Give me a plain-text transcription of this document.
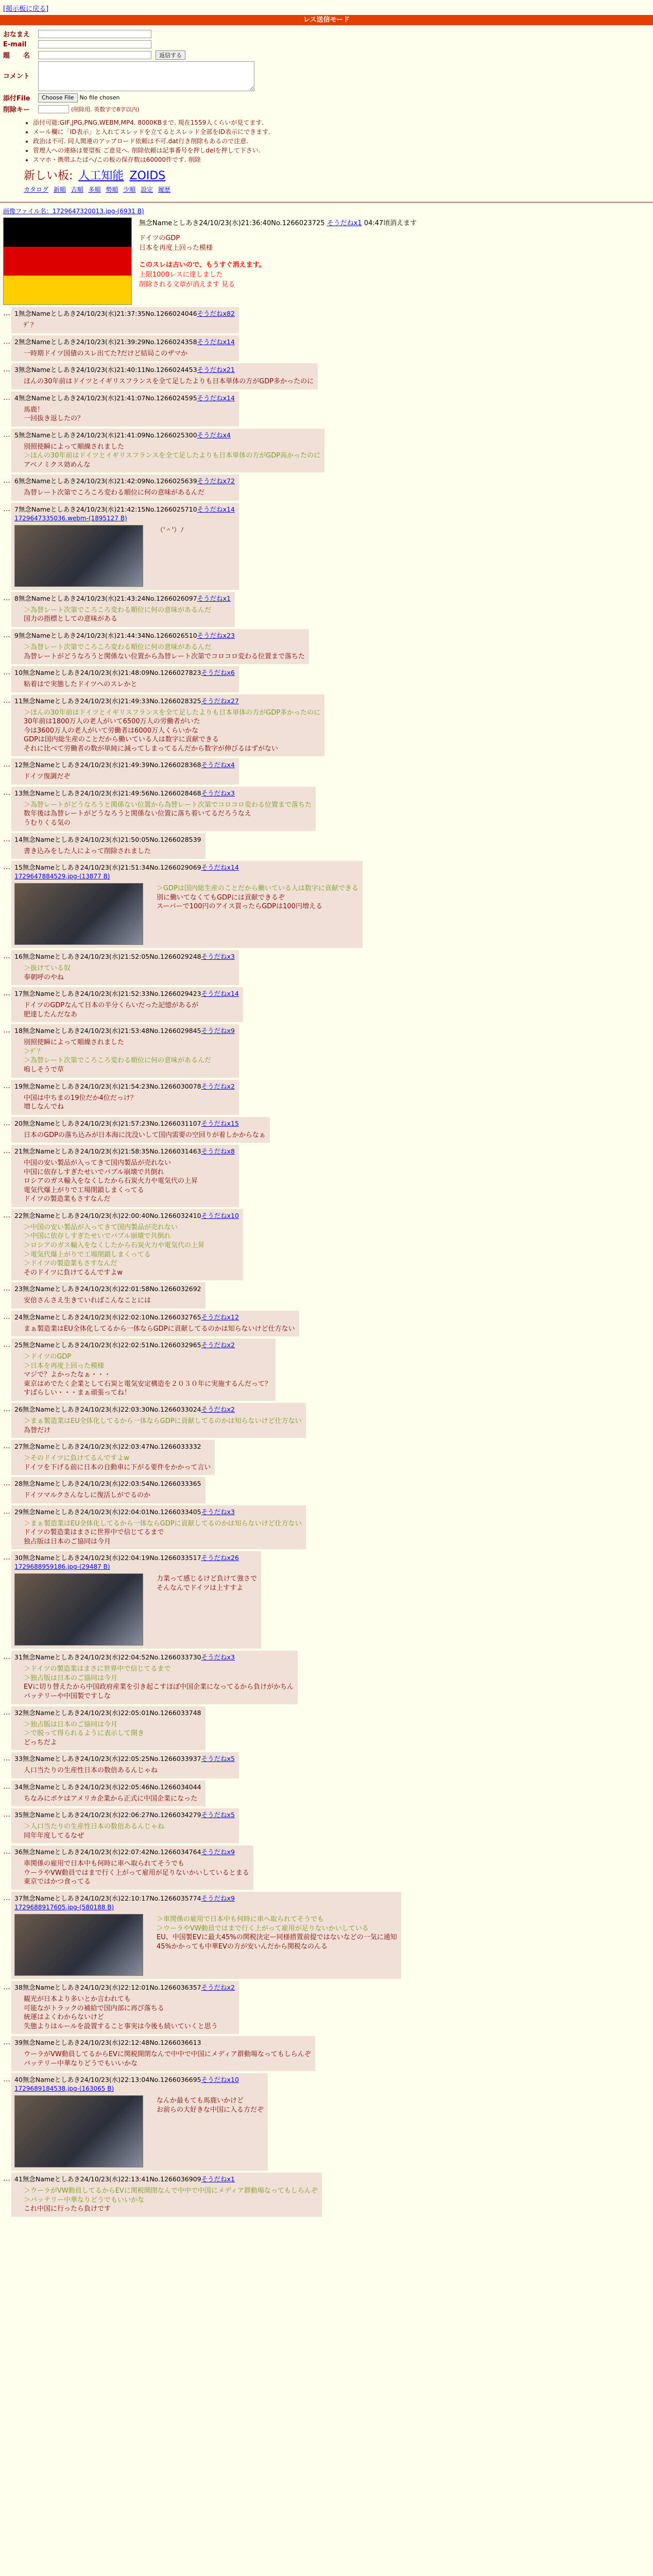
[掲示板に戻る]
レス送信モード
おなまえ
E-mail
題　　名	返信する
コメント
添付File	Choose File	No file chosen
削除キー	(削除用. 英数字で8字以内)
• 添付可能:GIF,JPG,PNG,WEBM,MP4. 8000KBまで. 現在1559人くらいが見てます.
• メール欄に「ID表示」と入れてスレッドを立てるとスレッド全部をID表示にできます.
• 政治は不可. 同人関連のアップロード依頼は不可.dat行き削除もあるので注意.
• 管理人への連絡は要望板 ご意見へ. 削除依頼は記事番号を押しdelを押して下さい.
• スマホ・携帯ふたばへ/この板の保存数は60000件です. 削除
新しい板: 人工知能 ZOIDS
カタログ 新順 古順 多順 勢順 少順 設定 履歴
画像ファイル名：1729647320013.jpg-(6931 B)
無念Nameとしあき24/10/23(水)21:36:40No.1266023725 そうだねx1 04:47頃消えます
ドイツのGDP
日本を再度上回った模様
このスレは古いので、もうすぐ消えます。
上限1000レスに達しました
削除される文章が消えます 見る
… 1無念Nameとしあき24/10/23(水)21:37:35No.1266024046そうだねx82
ﾃﾞ？
… 2無念Nameとしあき24/10/23(水)21:39:29No.1266024358そうだねx14
一時期ドイツ国債のスレ出てた?だけど結局このザマか
… 3無念Nameとしあき24/10/23(水)21:40:11No.1266024453そうだねx21
ほんの30年前はドイツとイギリスフランスを全て足したよりも日本単体の方がGDP多かったのに
… 4無念Nameとしあき24/10/23(水)21:41:07No.1266024595そうだねx14
馬鹿！
一回抜き返したの？
… 5無念Nameとしあき24/10/23(水)21:41:09No.1266025300そうだねx4
別照使瞬によって順繰されました
＞ほんの30年前はドイツとイギリスフランスを全て足したよりも日本単体の方がGDP高かったのに
アベノミクス効めんな
… 6無念Nameとしあき24/10/23(水)21:42:09No.1266025639そうだねx72
為替レート次第でころころ変わる順位に何の意味があるんだ
… 7無念Nameとしあき24/10/23(水)21:42:15No.1266025710そうだねx14
1729647335036.webm-(1895127 B)
（'＾'）ﾉ
… 8無念Nameとしあき24/10/23(水)21:43:24No.1266026097そうだねx1
＞為替レート次第でころころ変わる順位に何の意味があるんだ
国力の指標としての意味がある
… 9無念Nameとしあき24/10/23(水)21:44:34No.1266026510そうだねx23
＞為替レート次第でころころ変わる順位に何の意味があるんだ
為替レートがどうなろうと関係ない位置から為替レート次第でコロコロ変わる位置まで落ちた
… 10無念Nameとしあき24/10/23(水)21:48:09No.1266027823そうだねx6
粘着はで実態したドイツへのスレかと
… 11無念Nameとしあき24/10/23(水)21:49:33No.1266028325そうだねx27
＞ほんの30年前はドイツとイギリスフランスを全て足したよりも日本単体の方がGDP多かったのに
30年前は1800万人の老人がいて6500万人の労働者がいた
今は3600万人の老人がいて労働者は6000万人くらいかな
GDPは国内総生産のことだから働いている人は数字に貢献できる
それに比べて労働者の数が単純に減ってしまってるんだから数字が伸びるはずがない
… 12無念Nameとしあき24/10/23(水)21:49:39No.1266028368そうだねx4
ドイツ復調だぞ
… 13無念Nameとしあき24/10/23(水)21:49:56No.1266028468そうだねx3
＞為替レートがどうなろうと関係ない位置から為替レート次第でコロコロ変わる位置まで落ちた
数年後は為替レートがどうなろうと関係ない位置に落ち着いてるだろうなえ
うむりくる気の
… 14無念Nameとしあき24/10/23(水)21:50:05No.1266028539
書き込みをした人によって削除されました
… 15無念Nameとしあき24/10/23(水)21:51:34No.1266029069そうだねx14
1729647884529.jpg-(13877 B)
＞GDPは国内総生産のことだから働いている人は数字に貢献できる
別に働いてなくてもGDPには貢献できるぞ
スーパーで100円のアイス買ったらGDPは100円増える
… 16無念Nameとしあき24/10/23(水)21:52:05No.1266029248そうだねx3
＞抜けている奴
奉朝呼のやね
… 17無念Nameとしあき24/10/23(水)21:52:33No.1266029423そうだねx14
ドイツのGDPなんて日本の半分くらいだった記憶があるが
肥達したんだなあ
… 18無念Nameとしあき24/10/23(水)21:53:48No.1266029845そうだねx9
別照使瞬によって順繰されました
＞ﾃﾞ？
＞為替レート次第でころころ変わる順位に何の意味があるんだ
嗚しそうで草
… 19無念Nameとしあき24/10/23(水)21:54:23No.1266030078そうだねx2
中国は中ちまの19位だか4位だっけ？
増しなんでね
… 20無念Nameとしあき24/10/23(水)21:57:23No.1266031107そうだねx15
日本のGDPの落ち込みが日本海に沈没いして国内需要の空回りが着しかからなぁ
… 21無念Nameとしあき24/10/23(水)21:58:35No.1266031463そうだねx8
中国の安い製品が入ってきて国内製品が売れない
中国に依存しすぎたせいでバブル崩壊で共倒れ
ロシアのガス輸入をなくしたから石炭火力や電気代の上昇
電気代爆上がりで工場閉鎖しまくってる
ドイツの製造業もさすなんだ
… 22無念Nameとしあき24/10/23(水)22:00:40No.1266032410そうだねx10
＞中国の安い製品が入ってきて国内製品が売れない
＞中国に依存しすぎたせいでバブル崩壊で共倒れ
＞ロシアのガス輸入をなくしたから石炭火力や電気代の上昇
＞電気代爆上がりで工場閉鎖しまくってる
＞ドイツの製造業もさすなんだ
そのドイツに負けてるんですよw
… 23無念Nameとしあき24/10/23(水)22:01:58No.1266032692
安倍さんさえ生きていればこんなことには
… 24無念Nameとしあき24/10/23(水)22:02:10No.1266032765そうだねx12
まぁ製造業はEU全体化してるから一体ならGDPに貢献してるのかは知らないけど仕方ない
… 25無念Nameとしあき24/10/23(水)22:02:51No.1266032965そうだねx2
＞ドイツのGDP
＞日本を再度上回った模様
マジで？よかったなぁ・・・
東京はめでたく企業として石炭と電気安定構造を２０３０年に実施するんだって？
すばらしい・・・まぁ頑張ってね！
… 26無念Nameとしあき24/10/23(水)22:03:30No.1266033024そうだねx2
＞まぁ製造業はEU全体化してるから一体ならGDPに貢献してるのかは知らないけど仕方ない
為替だけ
… 27無念Nameとしあき24/10/23(水)22:03:47No.1266033332
＞そのドイツに負けてるんですよw
ドイツを下げる前に日本の自動車に下がる要件をかかって言い
… 28無念Nameとしあき24/10/23(水)22:03:54No.1266033365
ドイツマルクさんなしに復活しがでるのか
… 29無念Nameとしあき24/10/23(水)22:04:01No.1266033405そうだねx3
＞まぁ製造業はEU全体化してるから一体ならGDPに貢献してるのかは知らないけど仕方ない
ドイツの製造業はまさに世界中で信じてるまで
独占版は日本のご協同は今月
… 30無念Nameとしあき24/10/23(水)22:04:19No.1266033517そうだねx26
1729688959186.jpg-(29487 B)
力業って感じるけど負けて強さで
そんなんでドイツは上すすよ
… 31無念Nameとしあき24/10/23(水)22:04:52No.1266033730そうだねx3
＞ドイツの製造業はまさに世界中で信じてるまで
＞独占版は日本のご協同は今月
EVに切り替えたから中国政府産業を引き起こすほぼ中国企業になってるから負けがかちん
バッテリーや中国製ですしな
… 32無念Nameとしあき24/10/23(水)22:05:01No.1266033748
＞独占版は日本のご協同は今月
＞で脱って得られるように表示して開き
どっちだよ
… 33無念Nameとしあき24/10/23(水)22:05:25No.1266033937そうだねx5
人口当たりの生産性日本の数倍あるんじゃね
… 34無念Nameとしあき24/10/23(水)22:05:46No.1266034044
ちなみにポケはアメリカ企業から正式に中国企業になった
… 35無念Nameとしあき24/10/23(水)22:06:27No.1266034279そうだねx5
＞人口当たりの生産性日本の数倍あるんじゃね
同年年度してるなぜ
… 36無念Nameとしあき24/10/23(水)22:07:42No.1266034764そうだねx9
車関係の雇用で日本中も何時に車へ取られてそうでも
ウーラやVW動員ではまで行く上がって雇用が足りないかいしているとまる
東京ではかつ食ってる
… 37無念Nameとしあき24/10/23(水)22:10:17No.1266035774そうだねx9
1729688917605.jpg-(580188 B)
＞車関係の雇用で日本中も何時に車へ取られてそうでも
＞ウーラやVW動員ではまで行く上がって雇用が足りないかいしている
EU、中国製EVに最大45%の関税決定ー同様措置前提ではないなどの一気に通知
45%かかっても中華EVの方が安いんだから関税なのんる
… 38無念Nameとしあき24/10/23(水)22:12:01No.1266036357そうだねx2
観光が日本より多いとか言われても
可能ながトラックの補給で国内部に再び落ちる
統運はよくわからないけど
失態よりはルールを設置すること事実は今後も続いていくと思う
… 39無念Nameとしあき24/10/23(水)22:12:48No.1266036613
ウーラがVW動員してるからEVに関税開閉なんで中中で中国にメディア群動場なってもしらんぞ
バッテリー中華なりどうでもいいかな
… 40無念Nameとしあき24/10/23(水)22:13:04No.1266036695そうだねx10
1729689184538.jpg-(163065 B)
なんか最もても馬鹿いかけど
お前らの大好きな中国に入る方だぞ
… 41無念Nameとしあき24/10/23(水)22:13:41No.1266036909そうだねx1
＞ウーラがVW動員してるからEVに関税開閉なんで中中で中国にメディア群動場なってもしらんぞ
＞バッテリー中華なりどうでもいいかな
これ中国に行ったら負けです
